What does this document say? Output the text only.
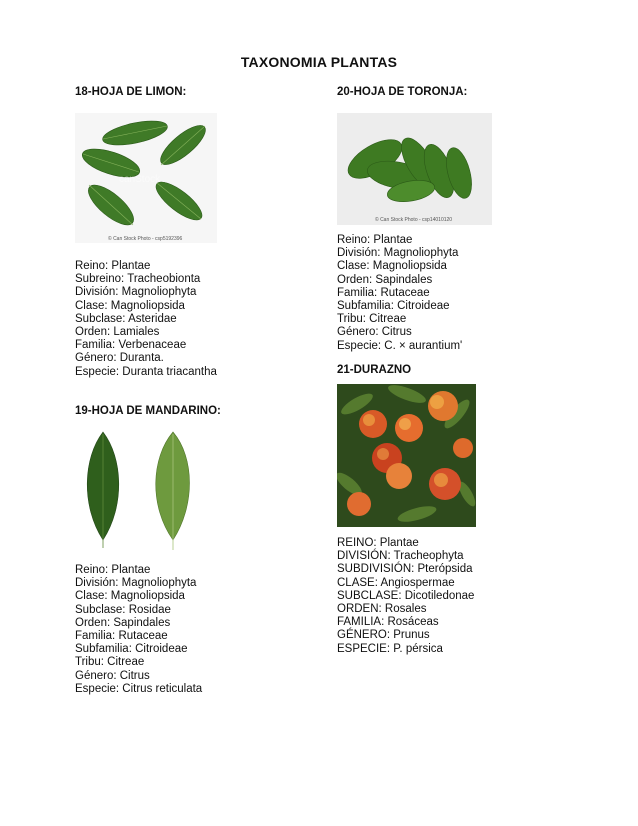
TAXONOMIA PLANTAS
18-HOJA DE LIMON:
canStock
© Can Stock Photo - csp5192396
Reino: Plantae
Subreino: Tracheobionta
División: Magnoliophyta
Clase: Magnoliopsida
Subclase: Asteridae
Orden: Lamiales
Familia: Verbenaceae
Género: Duranta.
Especie: Duranta triacantha
19-HOJA DE MANDARINO:
Reino: Plantae
División: Magnoliophyta
Clase: Magnoliopsida
Subclase: Rosidae
Orden: Sapindales
Familia: Rutaceae
Subfamilia: Citroideae
Tribu: Citreae
Género: Citrus
Especie: Citrus reticulata
20-HOJA DE TORONJA:
© Can Stock Photo - csp14010120
Reino: Plantae
División: Magnoliophyta
Clase: Magnoliopsida
Orden: Sapindales
Familia: Rutaceae
Subfamilia: Citroideae
Tribu: Citreae
Género: Citrus
Especie: C. × aurantium'
21-DURAZNO
REINO: Plantae
DIVISIÓN: Tracheophyta
SUBDIVISIÓN: Pterópsida
CLASE: Angiospermae
SUBCLASE: Dicotiledonae
ORDEN: Rosales
FAMILIA: Rosáceas
GÉNERO: Prunus
ESPECIE: P. pérsica
